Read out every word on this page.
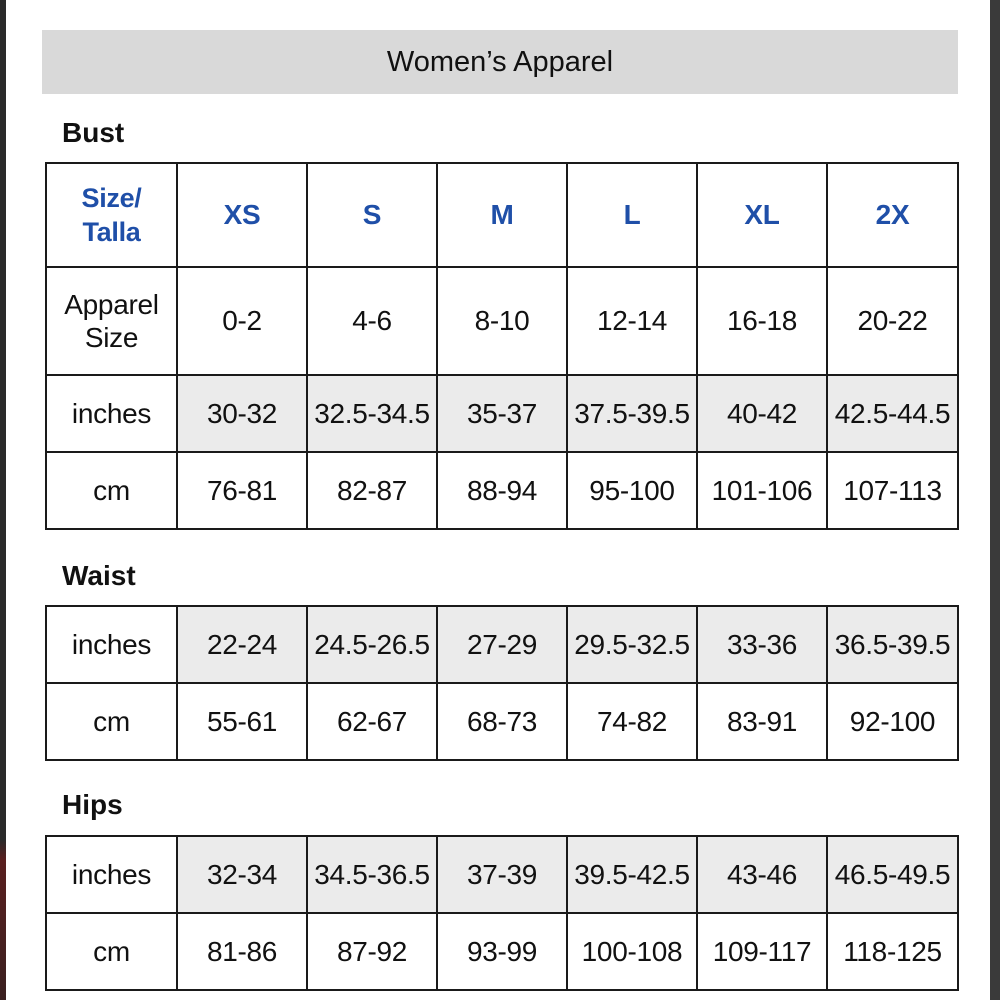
Women’s Apparel
Bust
Size/
Talla	XS	S	M	L	XL	2X

Apparel
Size	0-2	4-6	8-10	12-14	16-18	20-22
inches	30-32	32.5-34.5	35-37	37.5-39.5	40-42	42.5-44.5
cm	76-81	82-87	88-94	95-100	101-106	107-113
Waist
inches	22-24	24.5-26.5	27-29	29.5-32.5	33-36	36.5-39.5
cm	55-61	62-67	68-73	74-82	83-91	92-100
Hips
inches	32-34	34.5-36.5	37-39	39.5-42.5	43-46	46.5-49.5
cm	81-86	87-92	93-99	100-108	109-117	118-125
